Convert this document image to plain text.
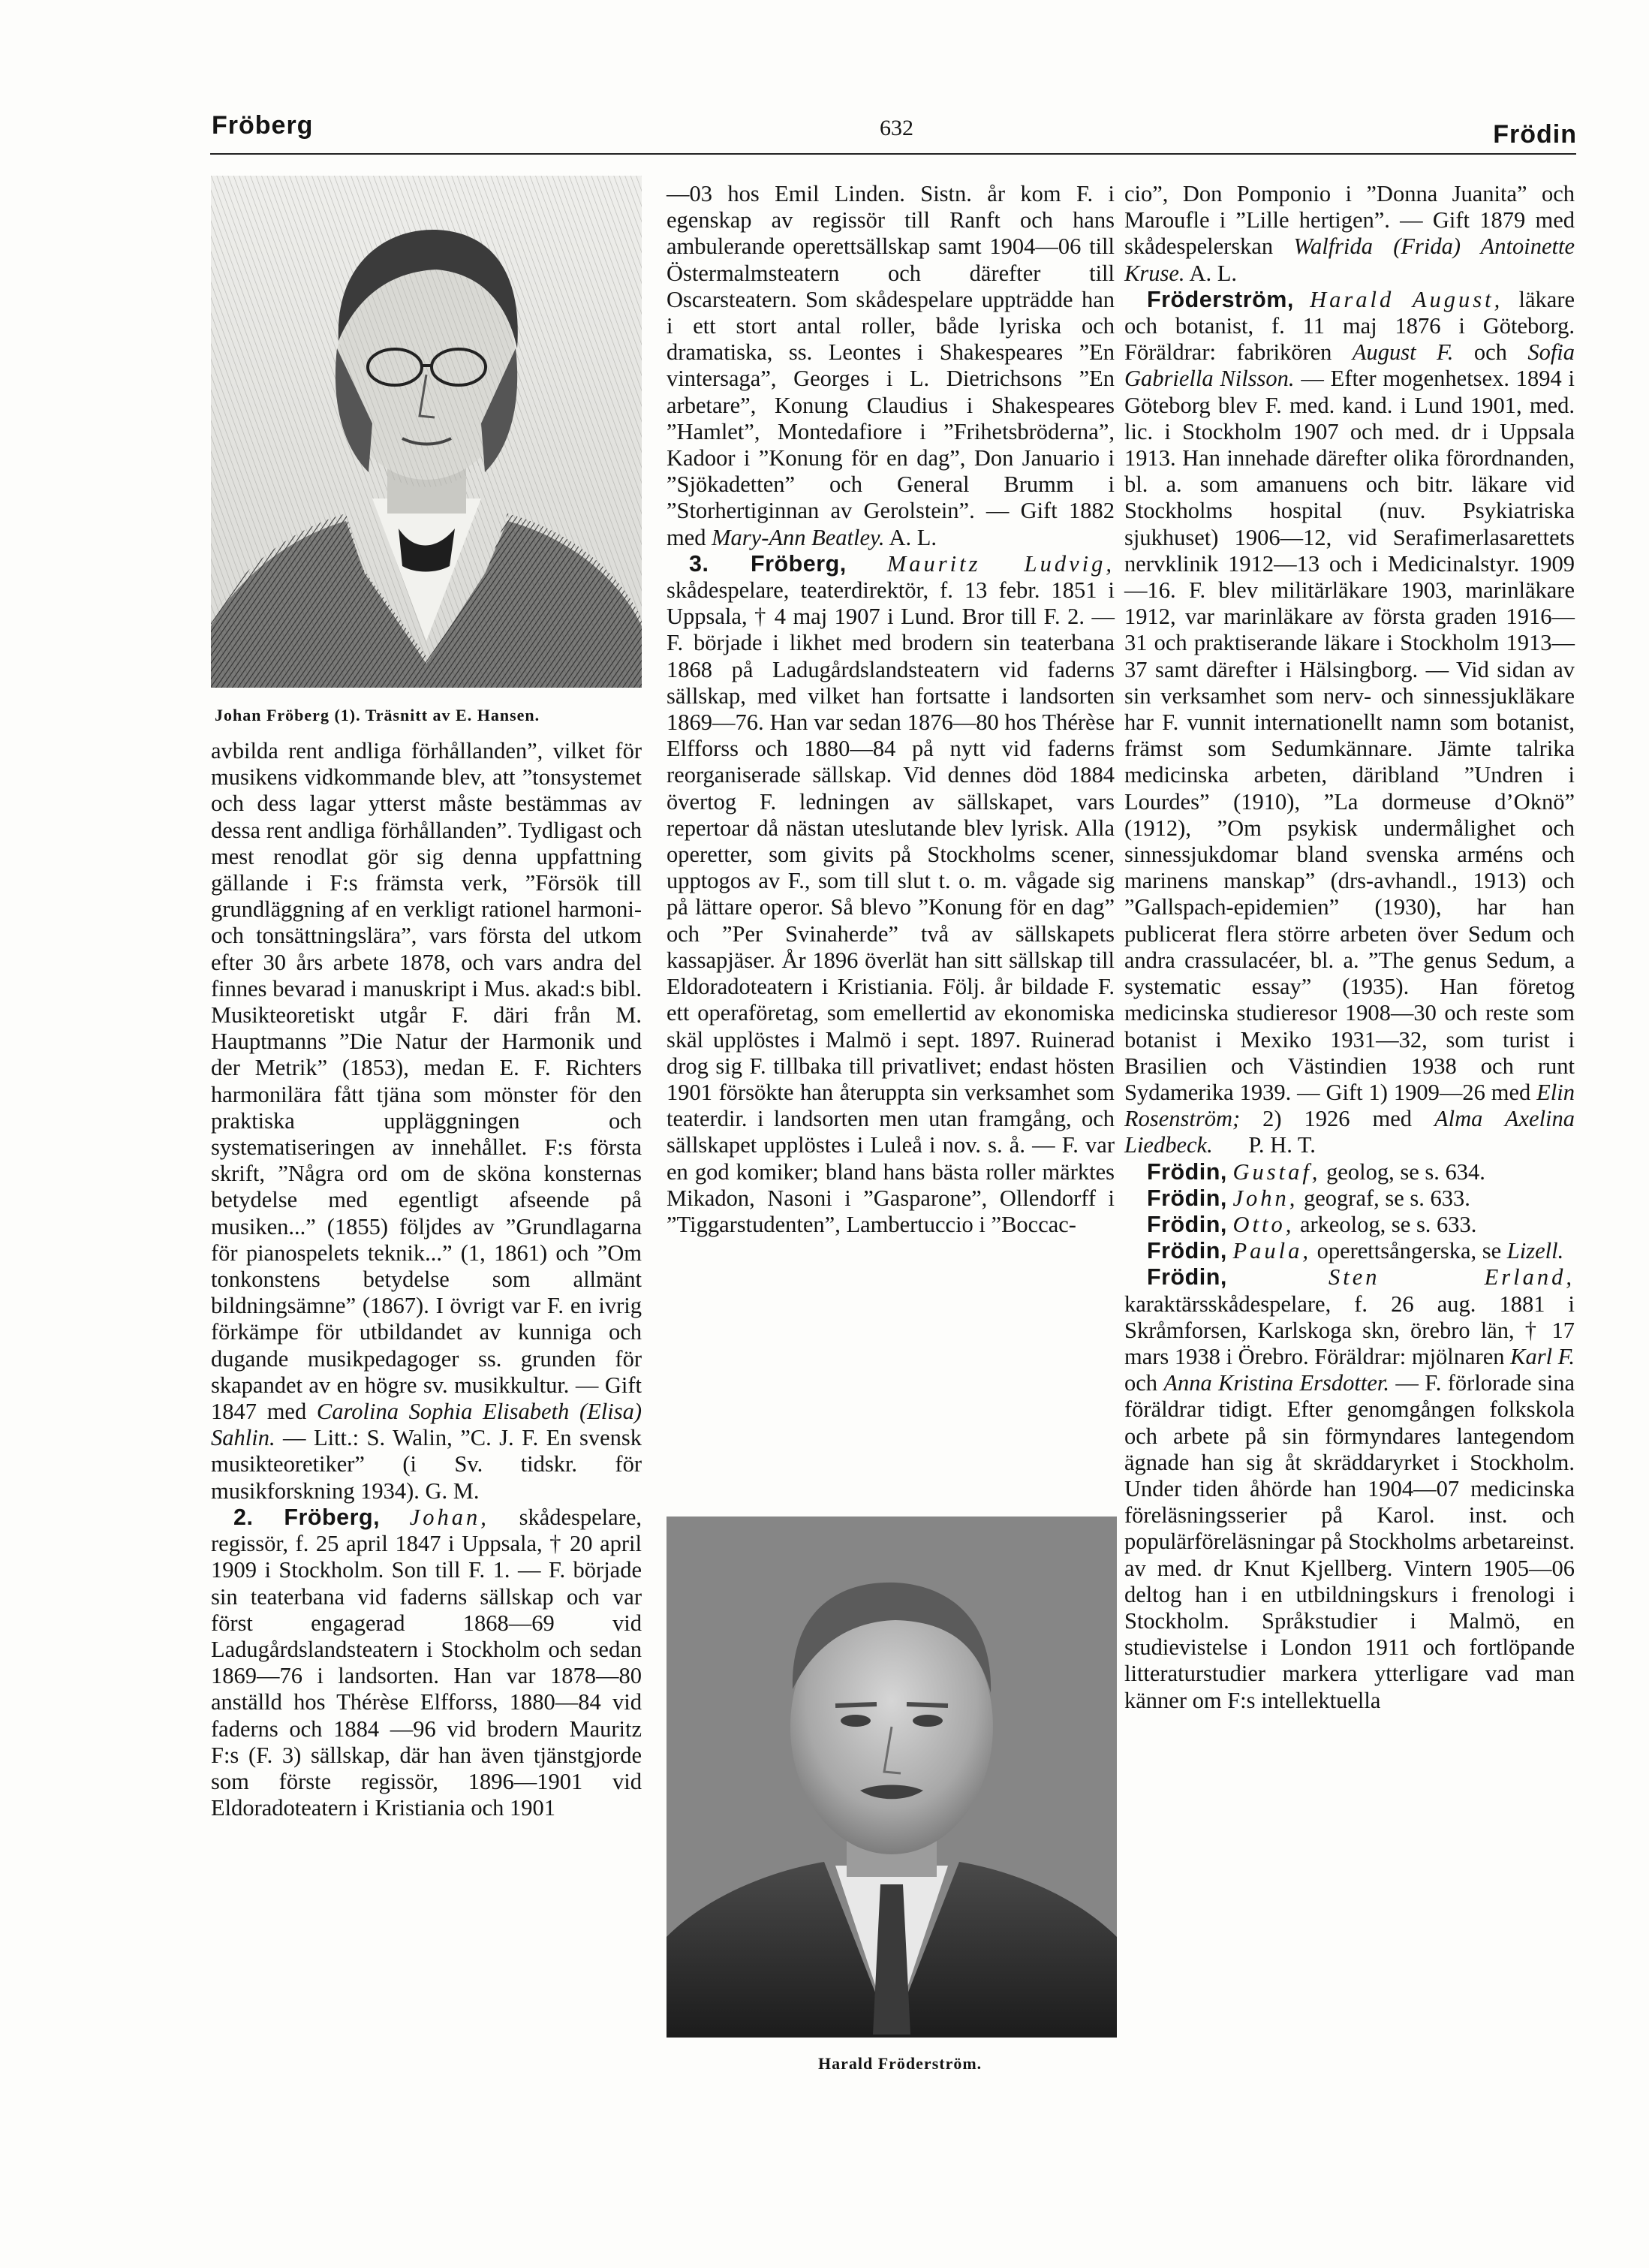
Fröberg	632	Frödin
Johan Fröberg (1). Träsnitt av E. Hansen.

avbilda rent andliga förhållanden”, vilket för musikens vidkommande blev, att ”tonsystemet och dess lagar ytterst måste bestämmas av dessa rent andliga förhållanden”. Tydligast och mest renodlat gör sig denna uppfattning gällande i F:s främsta verk, ”Försök till grundläggning af en verkligt rationel harmoni- och tonsättningslära”, vars första del utkom efter 30 års arbete 1878, och vars andra del finnes bevarad i manuskript i Mus. akad:s bibl. Musikteoretiskt utgår F. däri från M. Hauptmanns ”Die Natur der Harmonik und der Metrik” (1853), medan E. F. Richters harmonilära fått tjäna som mönster för den praktiska uppläggningen och systematiseringen av innehållet. F:s första skrift, ”Några ord om de sköna konsternas betydelse med egentligt afseende på musiken...” (1855) följdes av ”Grundlagarna för pianospelets teknik...” (1, 1861) och ”Om tonkonstens betydelse som allmänt bildningsämne” (1867). I övrigt var F. en ivrig förkämpe för utbildandet av kunniga och dugande musikpedagoger ss. grunden för skapandet av en högre sv. musikkultur. — Gift 1847 med Carolina Sophia Elisabeth (Elisa) Sahlin. — Litt.: S. Walin, ”C. J. F. En svensk musikteoretiker” (i Sv. tidskr. för musikforskning 1934). G. M.

2. Fröberg, Johan, skådespelare, regissör, f. 25 april 1847 i Uppsala, † 20 april 1909 i Stockholm. Son till F. 1. — F. började sin teaterbana vid faderns sällskap och var först engagerad 1868—69 vid Ladugårdslandsteatern i Stockholm och sedan 1869—76 i landsorten. Han var 1878—80 anställd hos Thérèse Elfforss, 1880—84 vid faderns och 1884 —96 vid brodern Mauritz F:s (F. 3) sällskap, där han även tjänstgjorde som förste regissör, 1896—1901 vid Eldoradoteatern i Kristiania och 1901

—03 hos Emil Linden. Sistn. år kom F. i egenskap av regissör till Ranft och hans ambulerande operettsällskap samt 1904—06 till Östermalmsteatern och därefter till Oscarsteatern. Som skådespelare uppträdde han i ett stort antal roller, både lyriska och dramatiska, ss. Leontes i Shakespeares ”En vintersaga”, Georges i L. Dietrichsons ”En arbetare”, Konung Claudius i Shakespeares ”Hamlet”, Montedafiore i ”Frihetsbröderna”, Kadoor i ”Konung för en dag”, Don Januario i ”Sjökadetten” och General Brumm i ”Storhertiginnan av Gerolstein”. — Gift 1882 med Mary-Ann Beatley. A. L.

3. Fröberg, Mauritz Ludvig, skådespelare, teaterdirektör, f. 13 febr. 1851 i Uppsala, † 4 maj 1907 i Lund. Bror till F. 2. — F. började i likhet med brodern sin teaterbana 1868 på Ladugårdslandsteatern vid faderns sällskap, med vilket han fortsatte i landsorten 1869—76. Han var sedan 1876—80 hos Thérèse Elfforss och 1880—84 på nytt vid faderns reorganiserade sällskap. Vid dennes död 1884 övertog F. ledningen av sällskapet, vars repertoar då nästan uteslutande blev lyrisk. Alla operetter, som givits på Stockholms scener, upptogos av F., som till slut t. o. m. vågade sig på lättare operor. Så blevo ”Konung för en dag” och ”Per Svinaherde” två av sällskapets kassapjäser. År 1896 överlät han sitt sällskap till Eldoradoteatern i Kristiania. Följ. år bildade F. ett operaföretag, som emellertid av ekonomiska skäl upplöstes i Malmö i sept. 1897. Ruinerad drog sig F. tillbaka till privatlivet; endast hösten 1901 försökte han återuppta sin verksamhet som teaterdir. i landsorten men utan framgång, och sällskapet upplöstes i Luleå i nov. s. å. — F. var en god komiker; bland hans bästa roller märktes Mikadon, Nasoni i ”Gasparone”, Ollendorff i ”Tiggarstudenten”, Lambertuccio i ”Boccac-

Harald Fröderström.

cio”, Don Pomponio i ”Donna Juanita” och Maroufle i ”Lille hertigen”. — Gift 1879 med skådespelerskan Walfrida (Frida) Antoinette Kruse. A. L.

Fröderström, Harald August, läkare och botanist, f. 11 maj 1876 i Göteborg. Föräldrar: fabrikören August F. och Sofia Gabriella Nilsson. — Efter mogenhetsex. 1894 i Göteborg blev F. med. kand. i Lund 1901, med. lic. i Stockholm 1907 och med. dr i Uppsala 1913. Han innehade därefter olika förordnanden, bl. a. som amanuens och bitr. läkare vid Stockholms hospital (nuv. Psykiatriska sjukhuset) 1906—12, vid Serafimerlasarettets nervklinik 1912—13 och i Medicinalstyr. 1909—16. F. blev militärläkare 1903, marinläkare 1912, var marinläkare av första graden 1916—31 och praktiserande läkare i Stockholm 1913—37 samt därefter i Hälsingborg. — Vid sidan av sin verksamhet som nerv- och sinnessjukläkare har F. vunnit internationellt namn som botanist, främst som Sedumkännare. Jämte talrika medicinska arbeten, däribland ”Undren i Lourdes” (1910), ”La dormeuse d’Oknö” (1912), ”Om psykisk undermålighet och sinnessjukdomar bland svenska arméns och marinens manskap” (drs-avhandl., 1913) och ”Gallspach-epidemien” (1930), har han publicerat flera större arbeten över Sedum och andra crassulacéer, bl. a. ”The genus Sedum, a systematic essay” (1935). Han företog medicinska studieresor 1908—30 och reste som botanist i Mexiko 1931—32, som turist i Brasilien och Västindien 1938 och runt Sydamerika 1939. — Gift 1) 1909—26 med Elin Rosenström; 2) 1926 med Alma Axelina Liedbeck. P. H. T.

Frödin, Gustaf, geolog, se s. 634.

Frödin, John, geograf, se s. 633.

Frödin, Otto, arkeolog, se s. 633.

Frödin, Paula, operettsångerska, se Lizell.

Frödin,	Sten Erland, karaktärsskådespelare, f. 26 aug. 1881 i Skråmforsen, Karlskoga skn, örebro län, † 17 mars 1938 i Örebro. Föräldrar: mjölnaren Karl F. och Anna Kristina Ersdotter. — F. förlorade sina föräldrar tidigt. Efter genomgången folkskola och arbete på sin förmyndares lantegendom ägnade han sig åt skräddaryrket i Stockholm. Under tiden åhörde han 1904—07 medicinska föreläsningsserier på Karol. inst. och populärföreläsningar på Stockholms arbetareinst. av med. dr Knut Kjellberg. Vintern 1905—06 deltog han i en utbildningskurs i frenologi i Stockholm. Språkstudier i Malmö, en studievistelse i London 1911 och fortlöpande litteraturstudier markera ytterligare vad man känner om F:s intellektuella
